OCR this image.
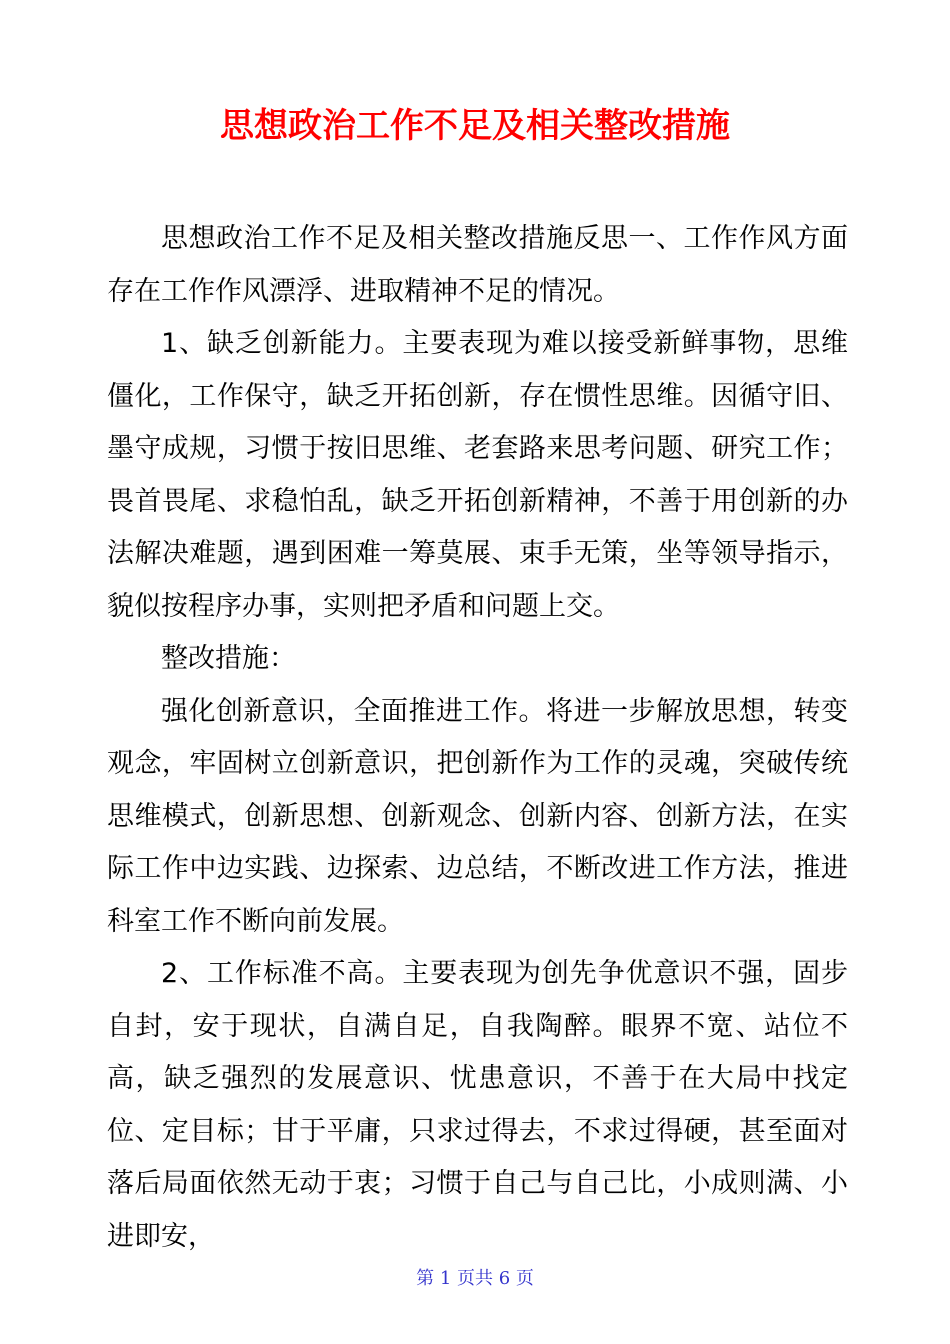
思想政治工作不足及相关整改措施

思想政治工作不足及相关整改措施反思一、工作作风方面存在工作作风漂浮、进取精神不足的情况。

1、缺乏创新能力。主要表现为难以接受新鲜事物，思维僵化，工作保守，缺乏开拓创新，存在惯性思维。因循守旧、墨守成规，习惯于按旧思维、老套路来思考问题、研究工作；畏首畏尾、求稳怕乱，缺乏开拓创新精神，不善于用创新的办法解决难题，遇到困难一筹莫展、束手无策，坐等领导指示，貌似按程序办事，实则把矛盾和问题上交。

整改措施：

强化创新意识，全面推进工作。将进一步解放思想，转变观念，牢固树立创新意识，把创新作为工作的灵魂，突破传统思维模式，创新思想、创新观念、创新内容、创新方法，在实际工作中边实践、边探索、边总结，不断改进工作方法，推进科室工作不断向前发展。

2、工作标准不高。主要表现为创先争优意识不强，固步自封，安于现状，自满自足，自我陶醉。眼界不宽、站位不高，缺乏强烈的发展意识、忧患意识，不善于在大局中找定位、定目标；甘于平庸，只求过得去，不求过得硬，甚至面对落后局面依然无动于衷；习惯于自己与自己比，小成则满、小进即安，

第 1 页共 6 页
